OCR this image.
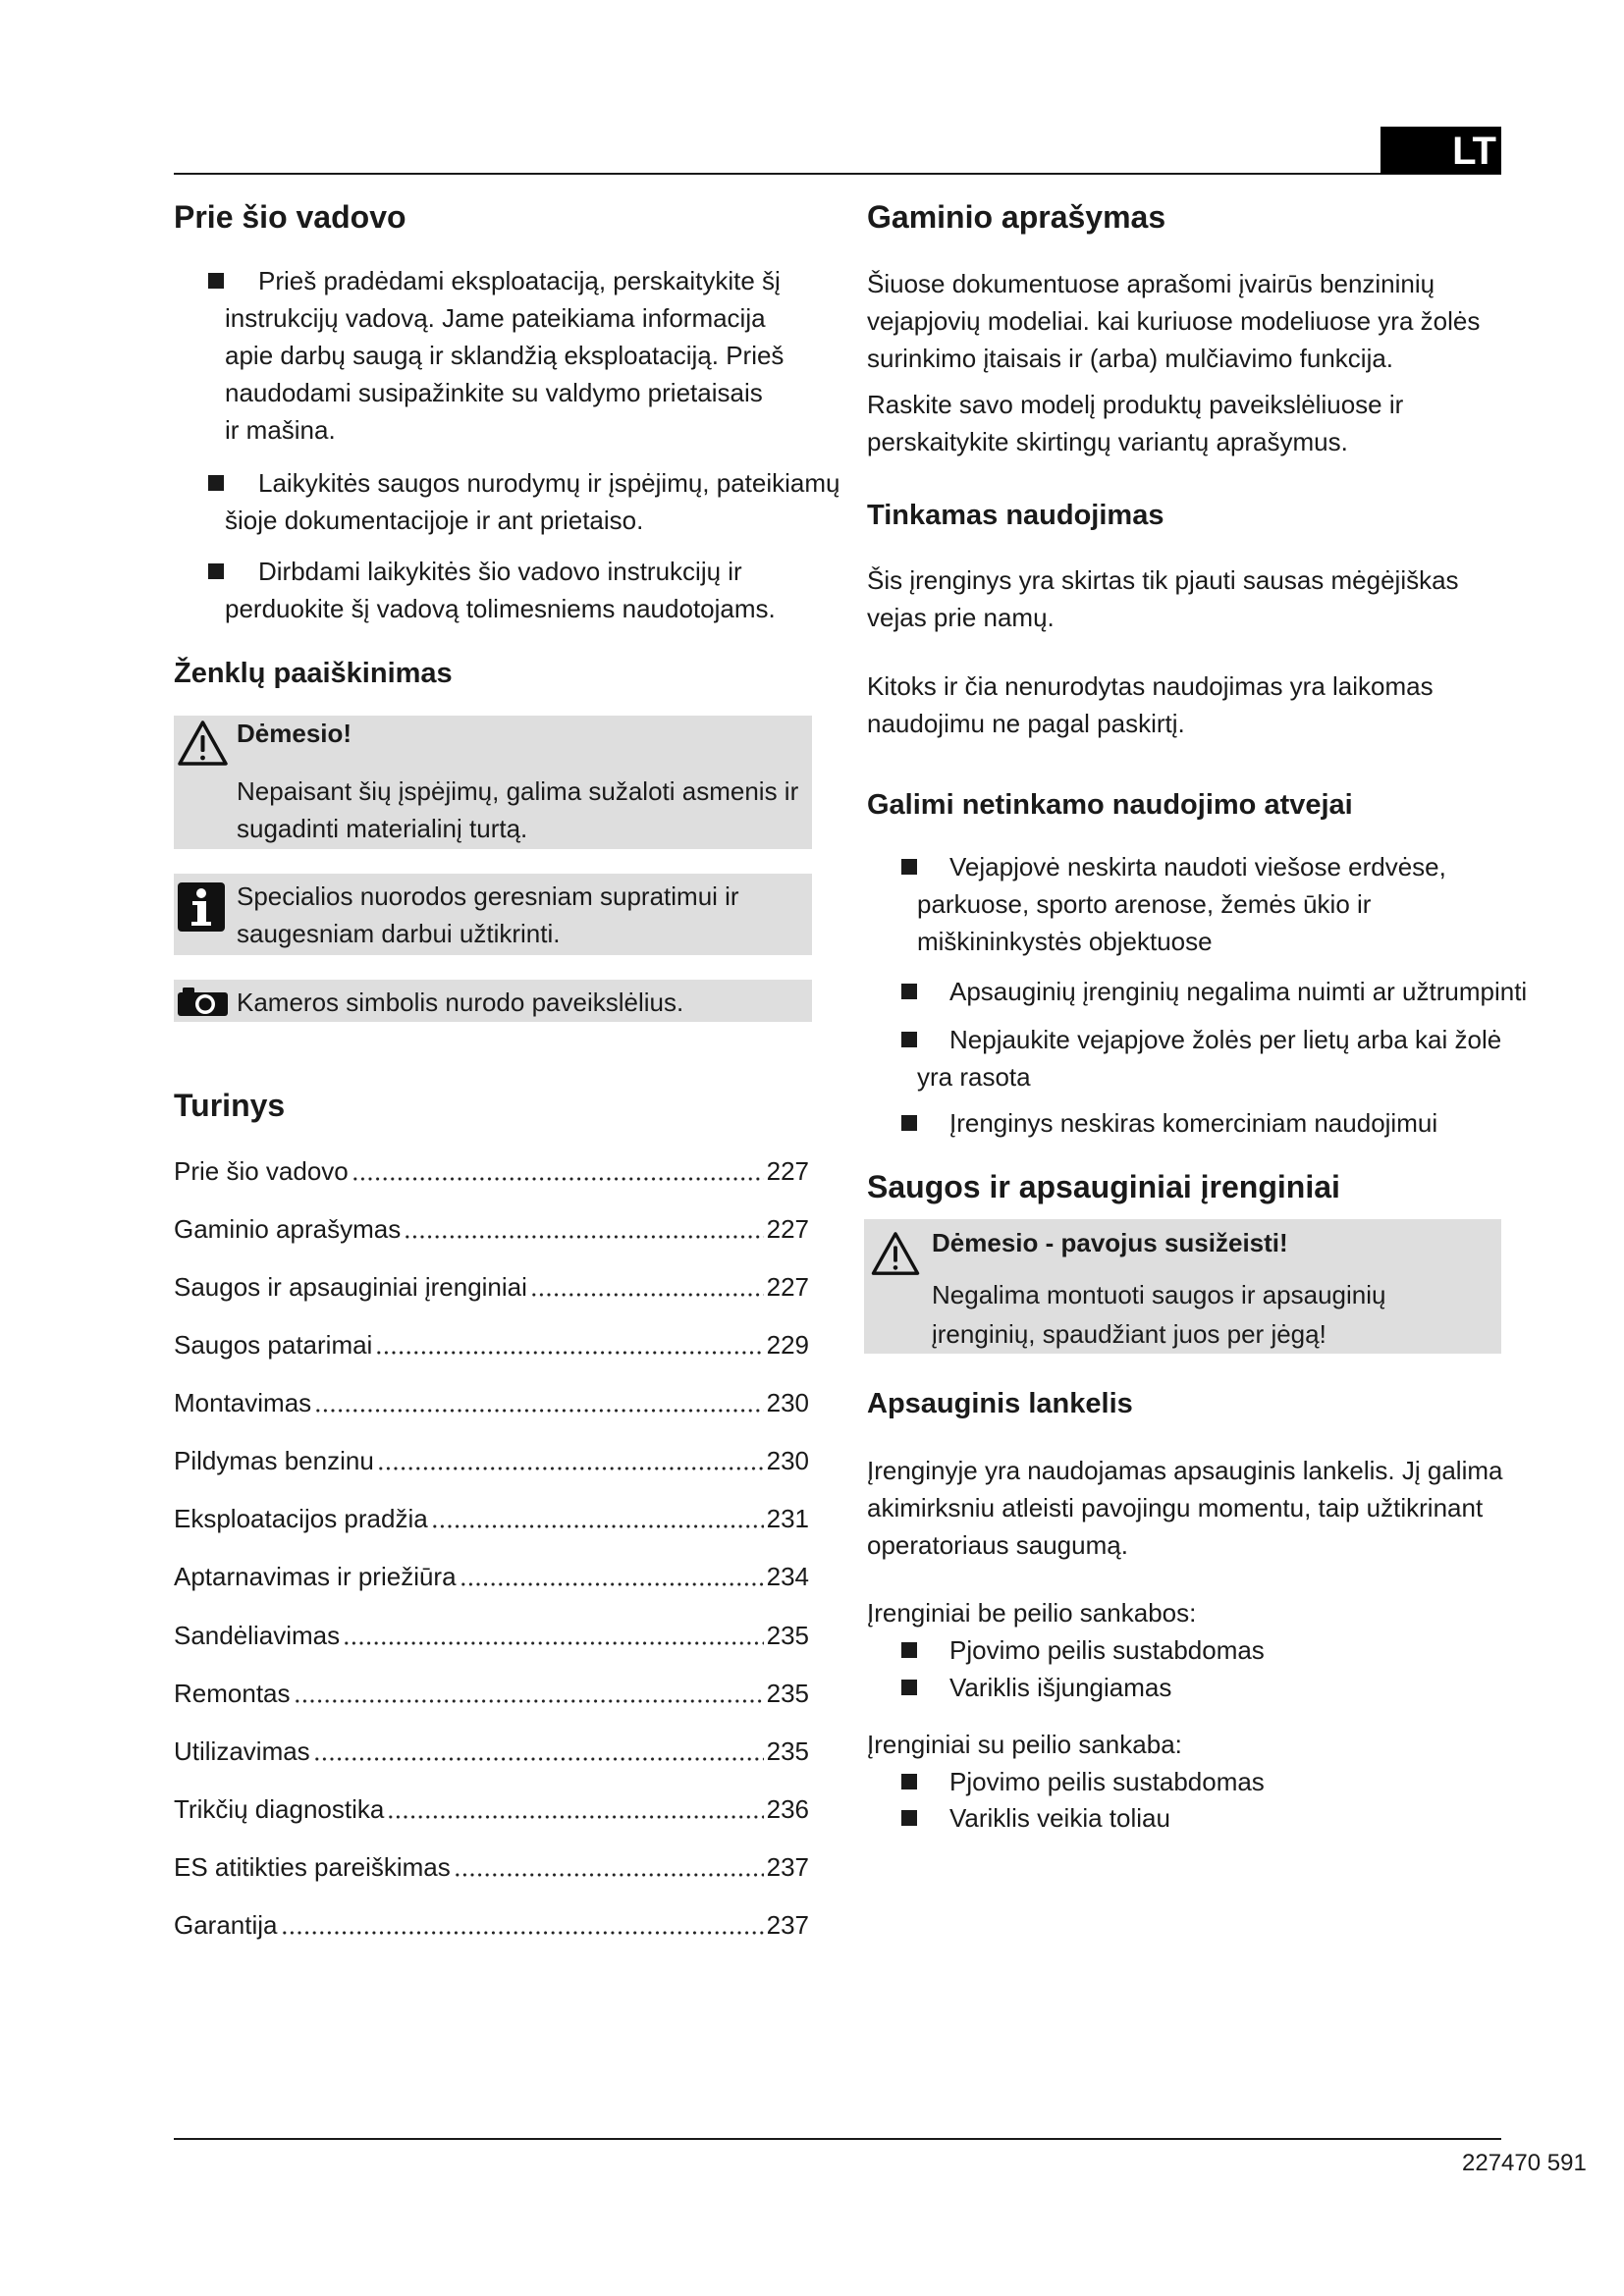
LT
Prie šio vadovo
Prieš pradėdami eksploataciją, perskaitykite šį
instrukcijų vadovą. Jame pateikiama informacija
apie darbų saugą ir sklandžią eksploataciją. Prieš
naudodami susipažinkite su valdymo prietaisais
ir mašina.
Laikykitės saugos nurodymų ir įspėjimų, pateikiamų
šioje dokumentacijoje ir ant prietaiso.
Dirbdami laikykitės šio vadovo instrukcijų ir
perduokite šį vadovą tolimesniems naudotojams.
Ženklų paaiškinimas
Dėmesio!
Nepaisant šių įspėjimų, galima sužaloti asmenis ir
sugadinti materialinį turtą.
Specialios nuorodos geresniam supratimui ir
saugesniam darbui užtikrinti.
Kameros simbolis nurodo paveikslėlius.
Turinys
Prie šio vadovo	227
Gaminio aprašymas	227
Saugos ir apsauginiai įrenginiai	227
Saugos patarimai	229
Montavimas	230
Pildymas benzinu	230
Eksploatacijos pradžia	231
Aptarnavimas ir priežiūra	234
Sandėliavimas	235
Remontas	235
Utilizavimas	235
Trikčių diagnostika	236
ES atitikties pareiškimas	237
Garantija	237
Gaminio aprašymas
Šiuose dokumentuose aprašomi įvairūs benzininių
vejapjovių modeliai. kai kuriuose modeliuose yra žolės
surinkimo įtaisais ir (arba) mulčiavimo funkcija.
Raskite savo modelį produktų paveikslėliuose ir
perskaitykite skirtingų variantų aprašymus.
Tinkamas naudojimas
Šis įrenginys yra skirtas tik pjauti sausas mėgėjiškas
vejas prie namų.
Kitoks ir čia nenurodytas naudojimas yra laikomas
naudojimu ne pagal paskirtį.
Galimi netinkamo naudojimo atvejai
Vejapjovė neskirta naudoti viešose erdvėse,
parkuose, sporto arenose, žemės ūkio ir
miškininkystės objektuose
Apsauginių įrenginių negalima nuimti ar užtrumpinti
Nepjaukite vejapjove žolės per lietų arba kai žolė
yra rasota
Įrenginys neskiras komerciniam naudojimui
Saugos ir apsauginiai įrenginiai
Dėmesio - pavojus susižeisti!
Negalima montuoti saugos ir apsauginių
įrenginių, spaudžiant juos per jėgą!
Apsauginis lankelis
Įrenginyje yra naudojamas apsauginis lankelis. Jį galima
akimirksniu atleisti pavojingu momentu, taip užtikrinant
operatoriaus saugumą.
Įrenginiai be peilio sankabos:
Pjovimo peilis sustabdomas
Variklis išjungiamas
Įrenginiai su peilio sankaba:
Pjovimo peilis sustabdomas
Variklis veikia toliau
227470 591
